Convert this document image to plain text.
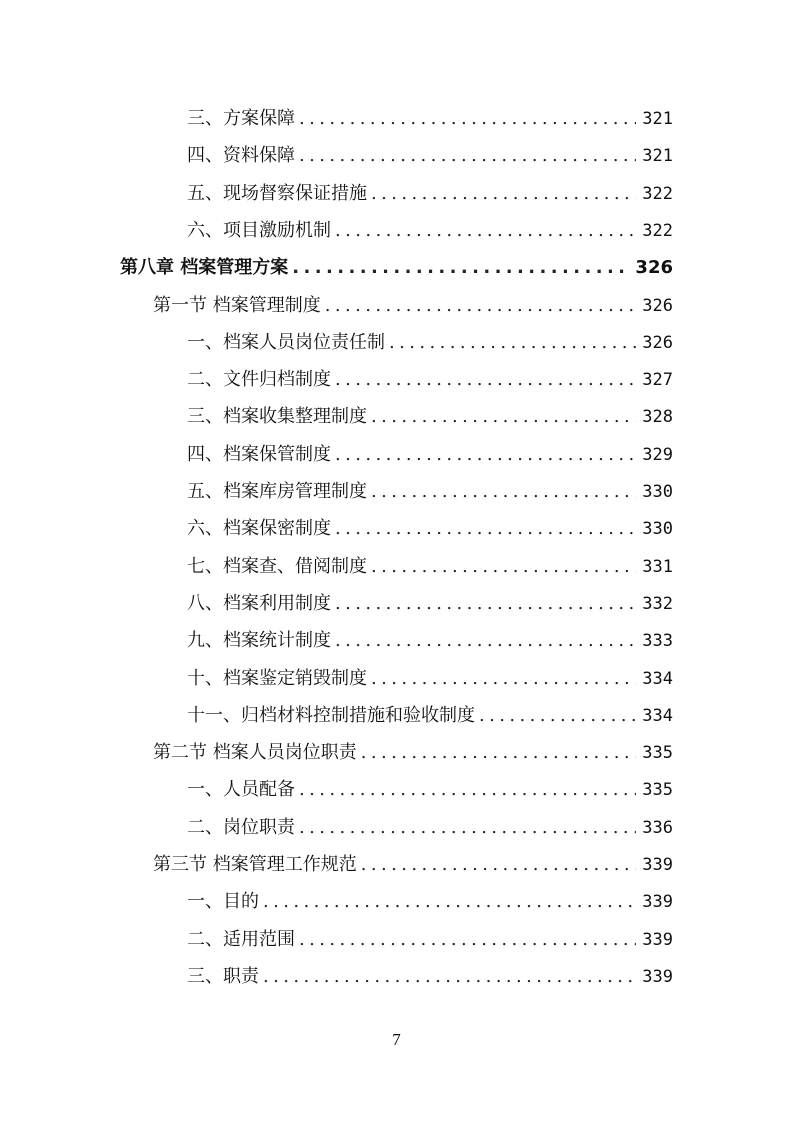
三、方案保障 .....	321
四、资料保障 .....	321
五、现场督察保证措施 .....	322
六、项目激励机制 .....	322
第八章 档案管理方案 .....	326
第一节 档案管理制度 .....	326
一、档案人员岗位责任制 .....	326
二、文件归档制度 .....	327
三、档案收集整理制度 .....	328
四、档案保管制度 .....	329
五、档案库房管理制度 .....	330
六、档案保密制度 .....	330
七、档案查、借阅制度 .....	331
八、档案利用制度 .....	332
九、档案统计制度 .....	333
十、档案鉴定销毁制度 .....	334
十一、归档材料控制措施和验收制度 .....	334
第二节 档案人员岗位职责 .....	335
一、人员配备 .....	335
二、岗位职责 .....	336
第三节 档案管理工作规范 .....	339
一、目的 .....	339
二、适用范围 .....	339
三、职责 .....	339
7
